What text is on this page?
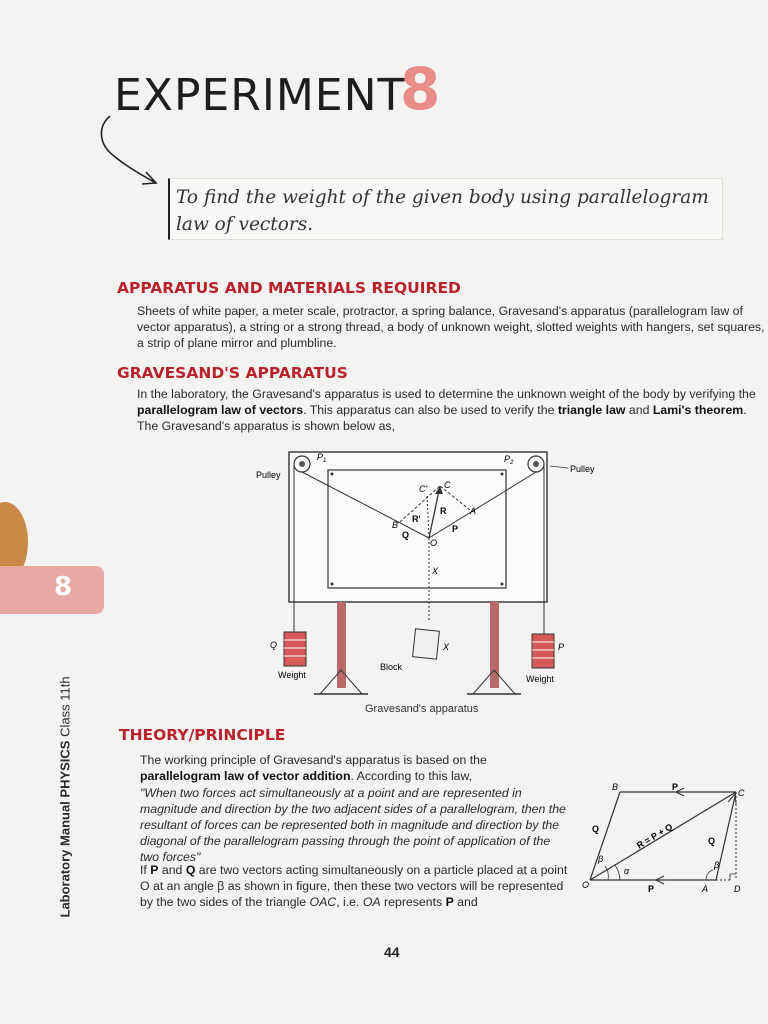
8
EXPERIMENT
8
To find the weight of the given body using parallelogram law of vectors.
APPARATUS AND MATERIALS REQUIRED
Sheets of white paper, a meter scale, protractor, a spring balance, Gravesand's apparatus (parallelogram law of vector apparatus), a string or a strong thread, a body of unknown weight, slotted weights with hangers, set squares, a strip of plane mirror and plumbline.
GRAVESAND'S APPARATUS
In the laboratory, the Gravesand's apparatus is used to determine the unknown weight of the body by verifying the parallelogram law of vectors. This apparatus can also be used to verify the triangle law and Lami's theorem. The Gravesand's apparatus is shown below as,
Pulley
Pulley
$P_1$	$P_2$
C' C
B
R'
R	A
Q
P
O
X
Q	P
X
Block
Weight	Weight
Gravesand's apparatus
THEORY/PRINCIPLE
The working principle of Gravesand's apparatus is based on the parallelogram law of vector addition. According to this law,
"When two forces act simultaneously at a point and are represented in magnitude and direction by the two adjacent sides of a parallelogram, then the resultant of forces can be represented both in magnitude and direction by the diagonal of the parallelogram passing through the point of application of the two forces"
If P and Q are two vectors acting simultaneously on a particle placed at a point O at an angle β as shown in figure, then these two vectors will be represented by the two sides of the triangle OAC, i.e. OA represents P and
B	P
C
Q
Q
R = P + Q
β
α
β
O	P	A	D
Laboratory Manual PHYSICS Class 11th
44
